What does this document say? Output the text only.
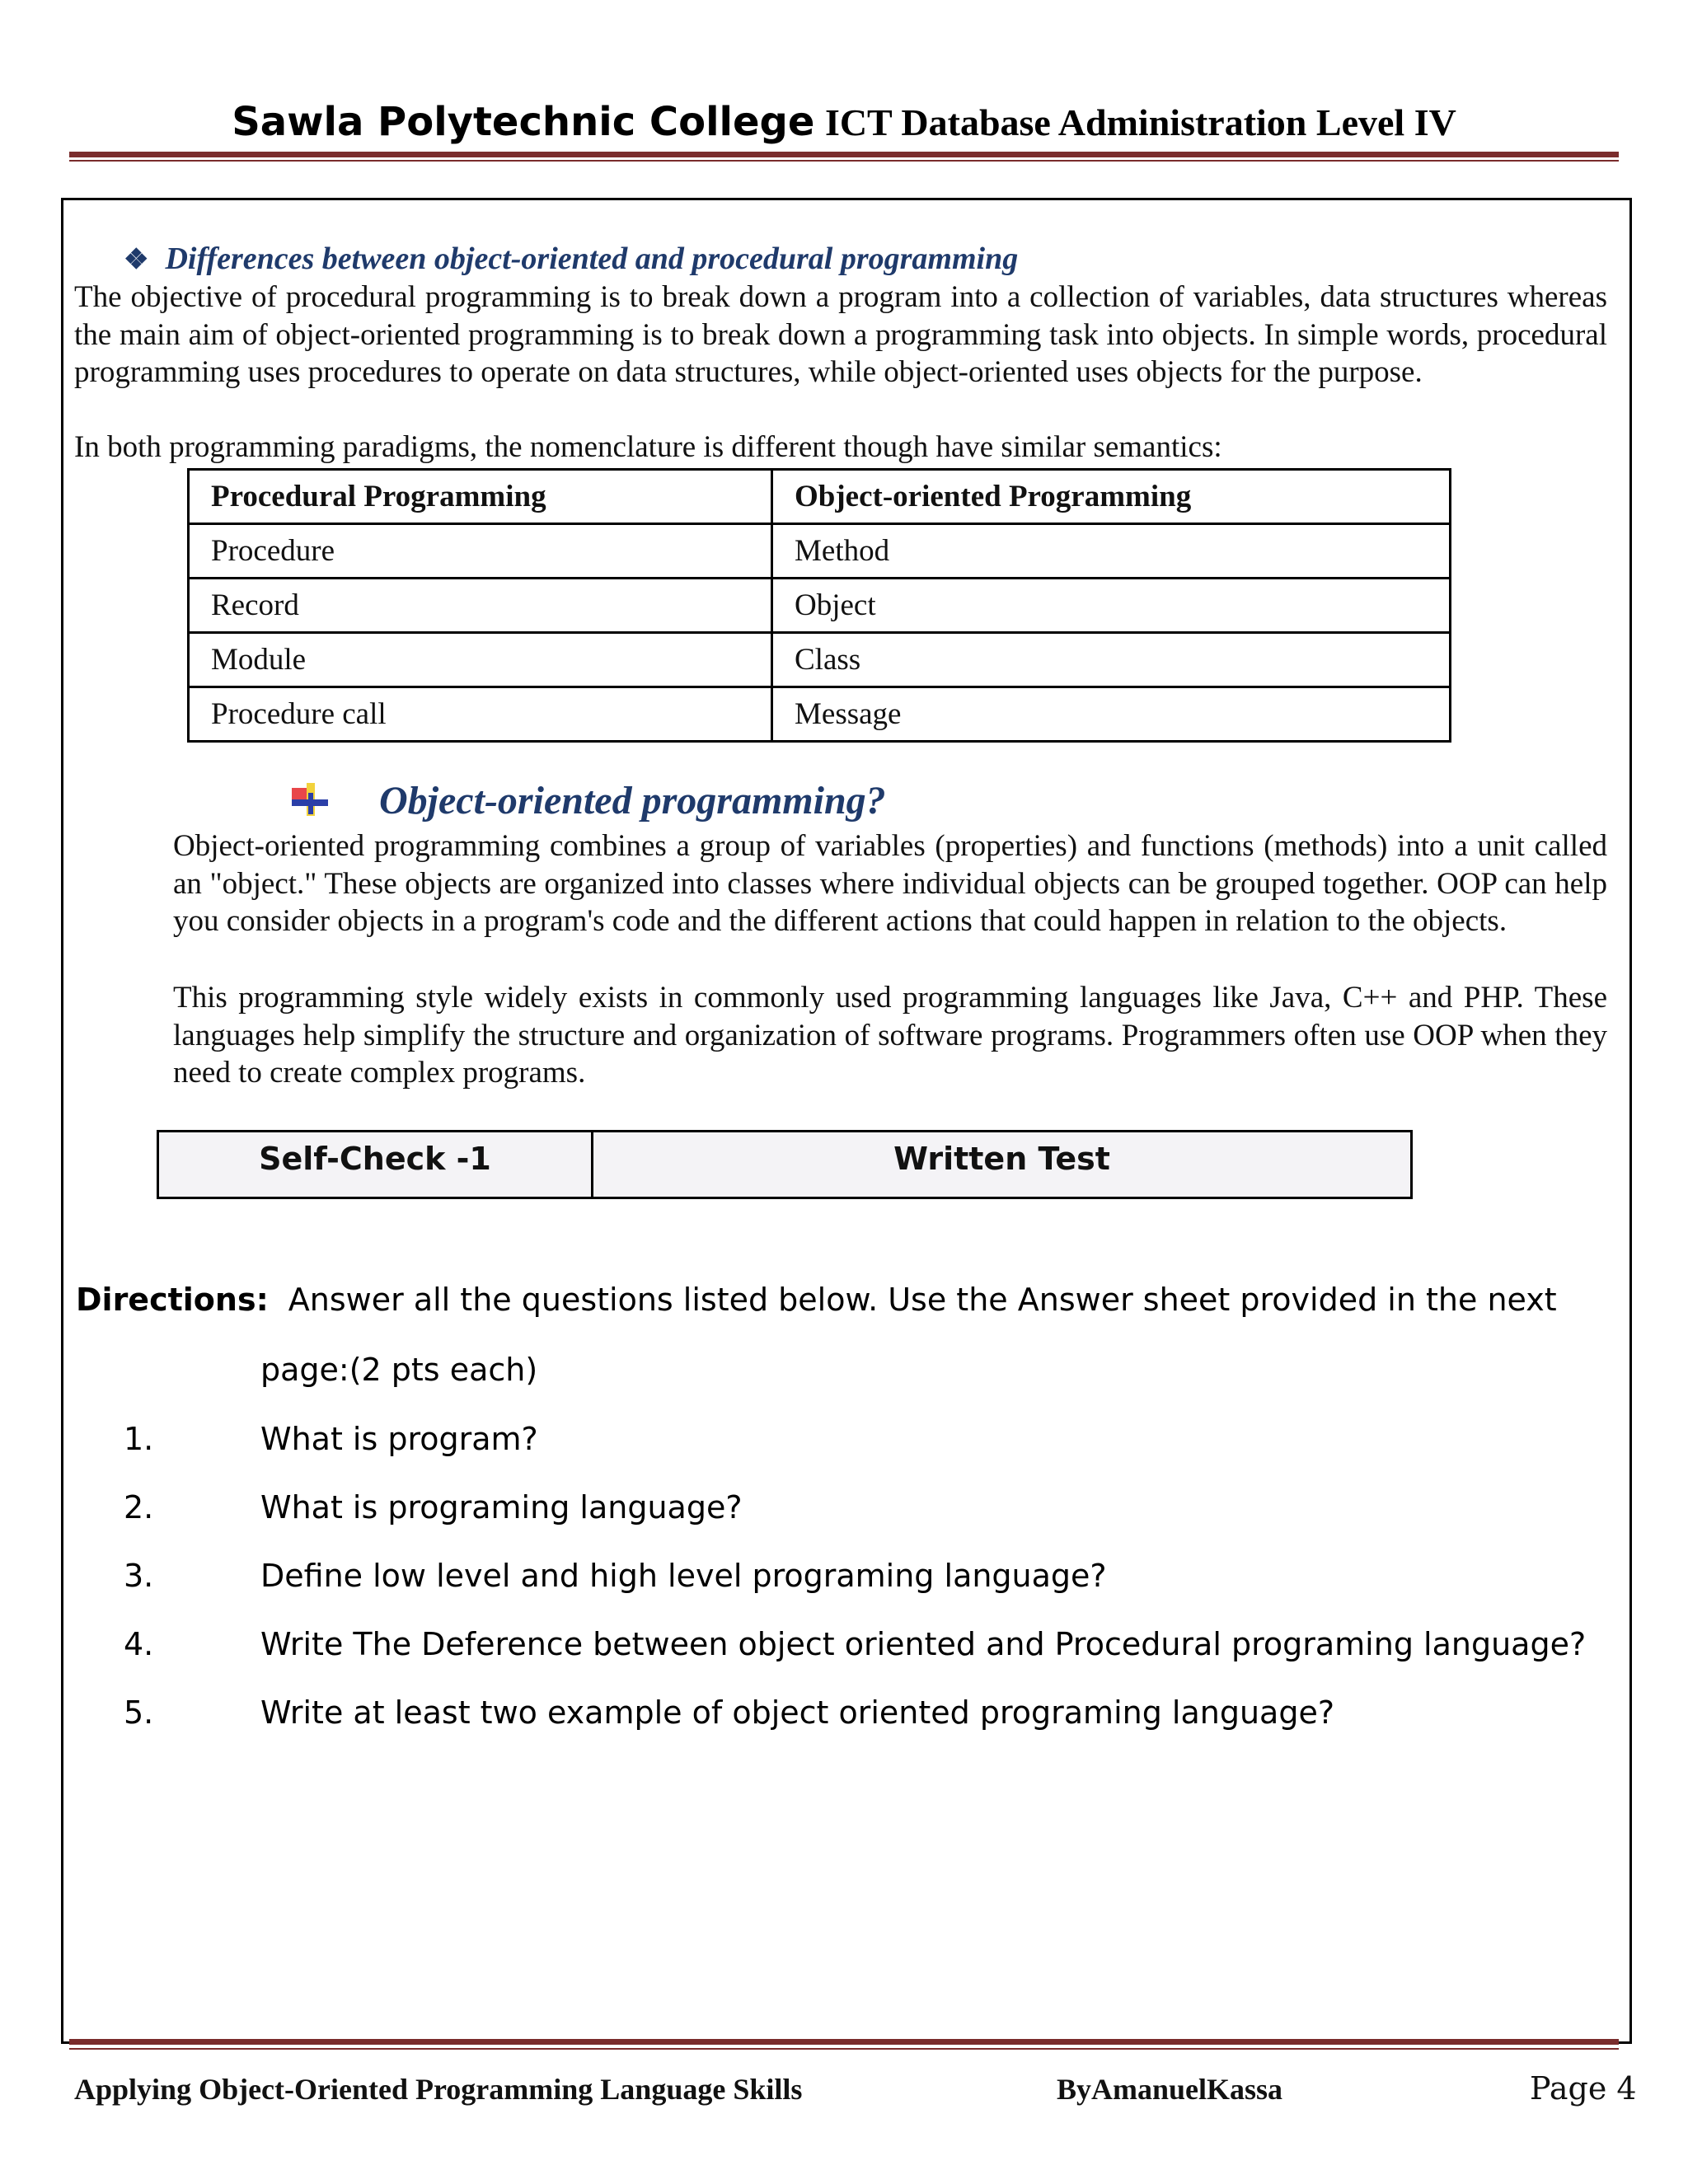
Sawla Polytechnic College ICT Database Administration Level IV
❖ Differences between object-oriented and procedural programming
The objective of procedural programming is to break down a program into a collection of variables, data structures whereas the main aim of object-oriented programming is to break down a programming task into objects. In simple words, procedural programming uses procedures to operate on data structures, while object-oriented uses objects for the purpose.
In both programming paradigms, the nomenclature is different though have similar semantics:
Procedural Programming	Object-oriented Programming
Procedure	Method
Record	Object
Module	Class
Procedure call	Message
Object-oriented programming?
Object-oriented programming combines a group of variables (properties) and functions (methods) into a unit called an "object." These objects are organized into classes where individual objects can be grouped together. OOP can help you consider objects in a program's code and the different actions that could happen in relation to the objects.
This programming style widely exists in commonly used programming languages like Java, C++ and PHP. These languages help simplify the structure and organization of software programs. Programmers often use OOP when they need to create complex programs.
Self-Check -1	Written Test
Directions: Answer all the questions listed below. Use the Answer sheet provided in the next
page:(2 pts each)
1.	What is program?
2.	What is programing language?
3.	Define low level and high level programing language?
4.	Write The Deference between object oriented and Procedural programing language?
5.	Write at least two example of object oriented programing language?
Applying Object-Oriented Programming Language Skills	ByAmanuelKassa	Page 4
